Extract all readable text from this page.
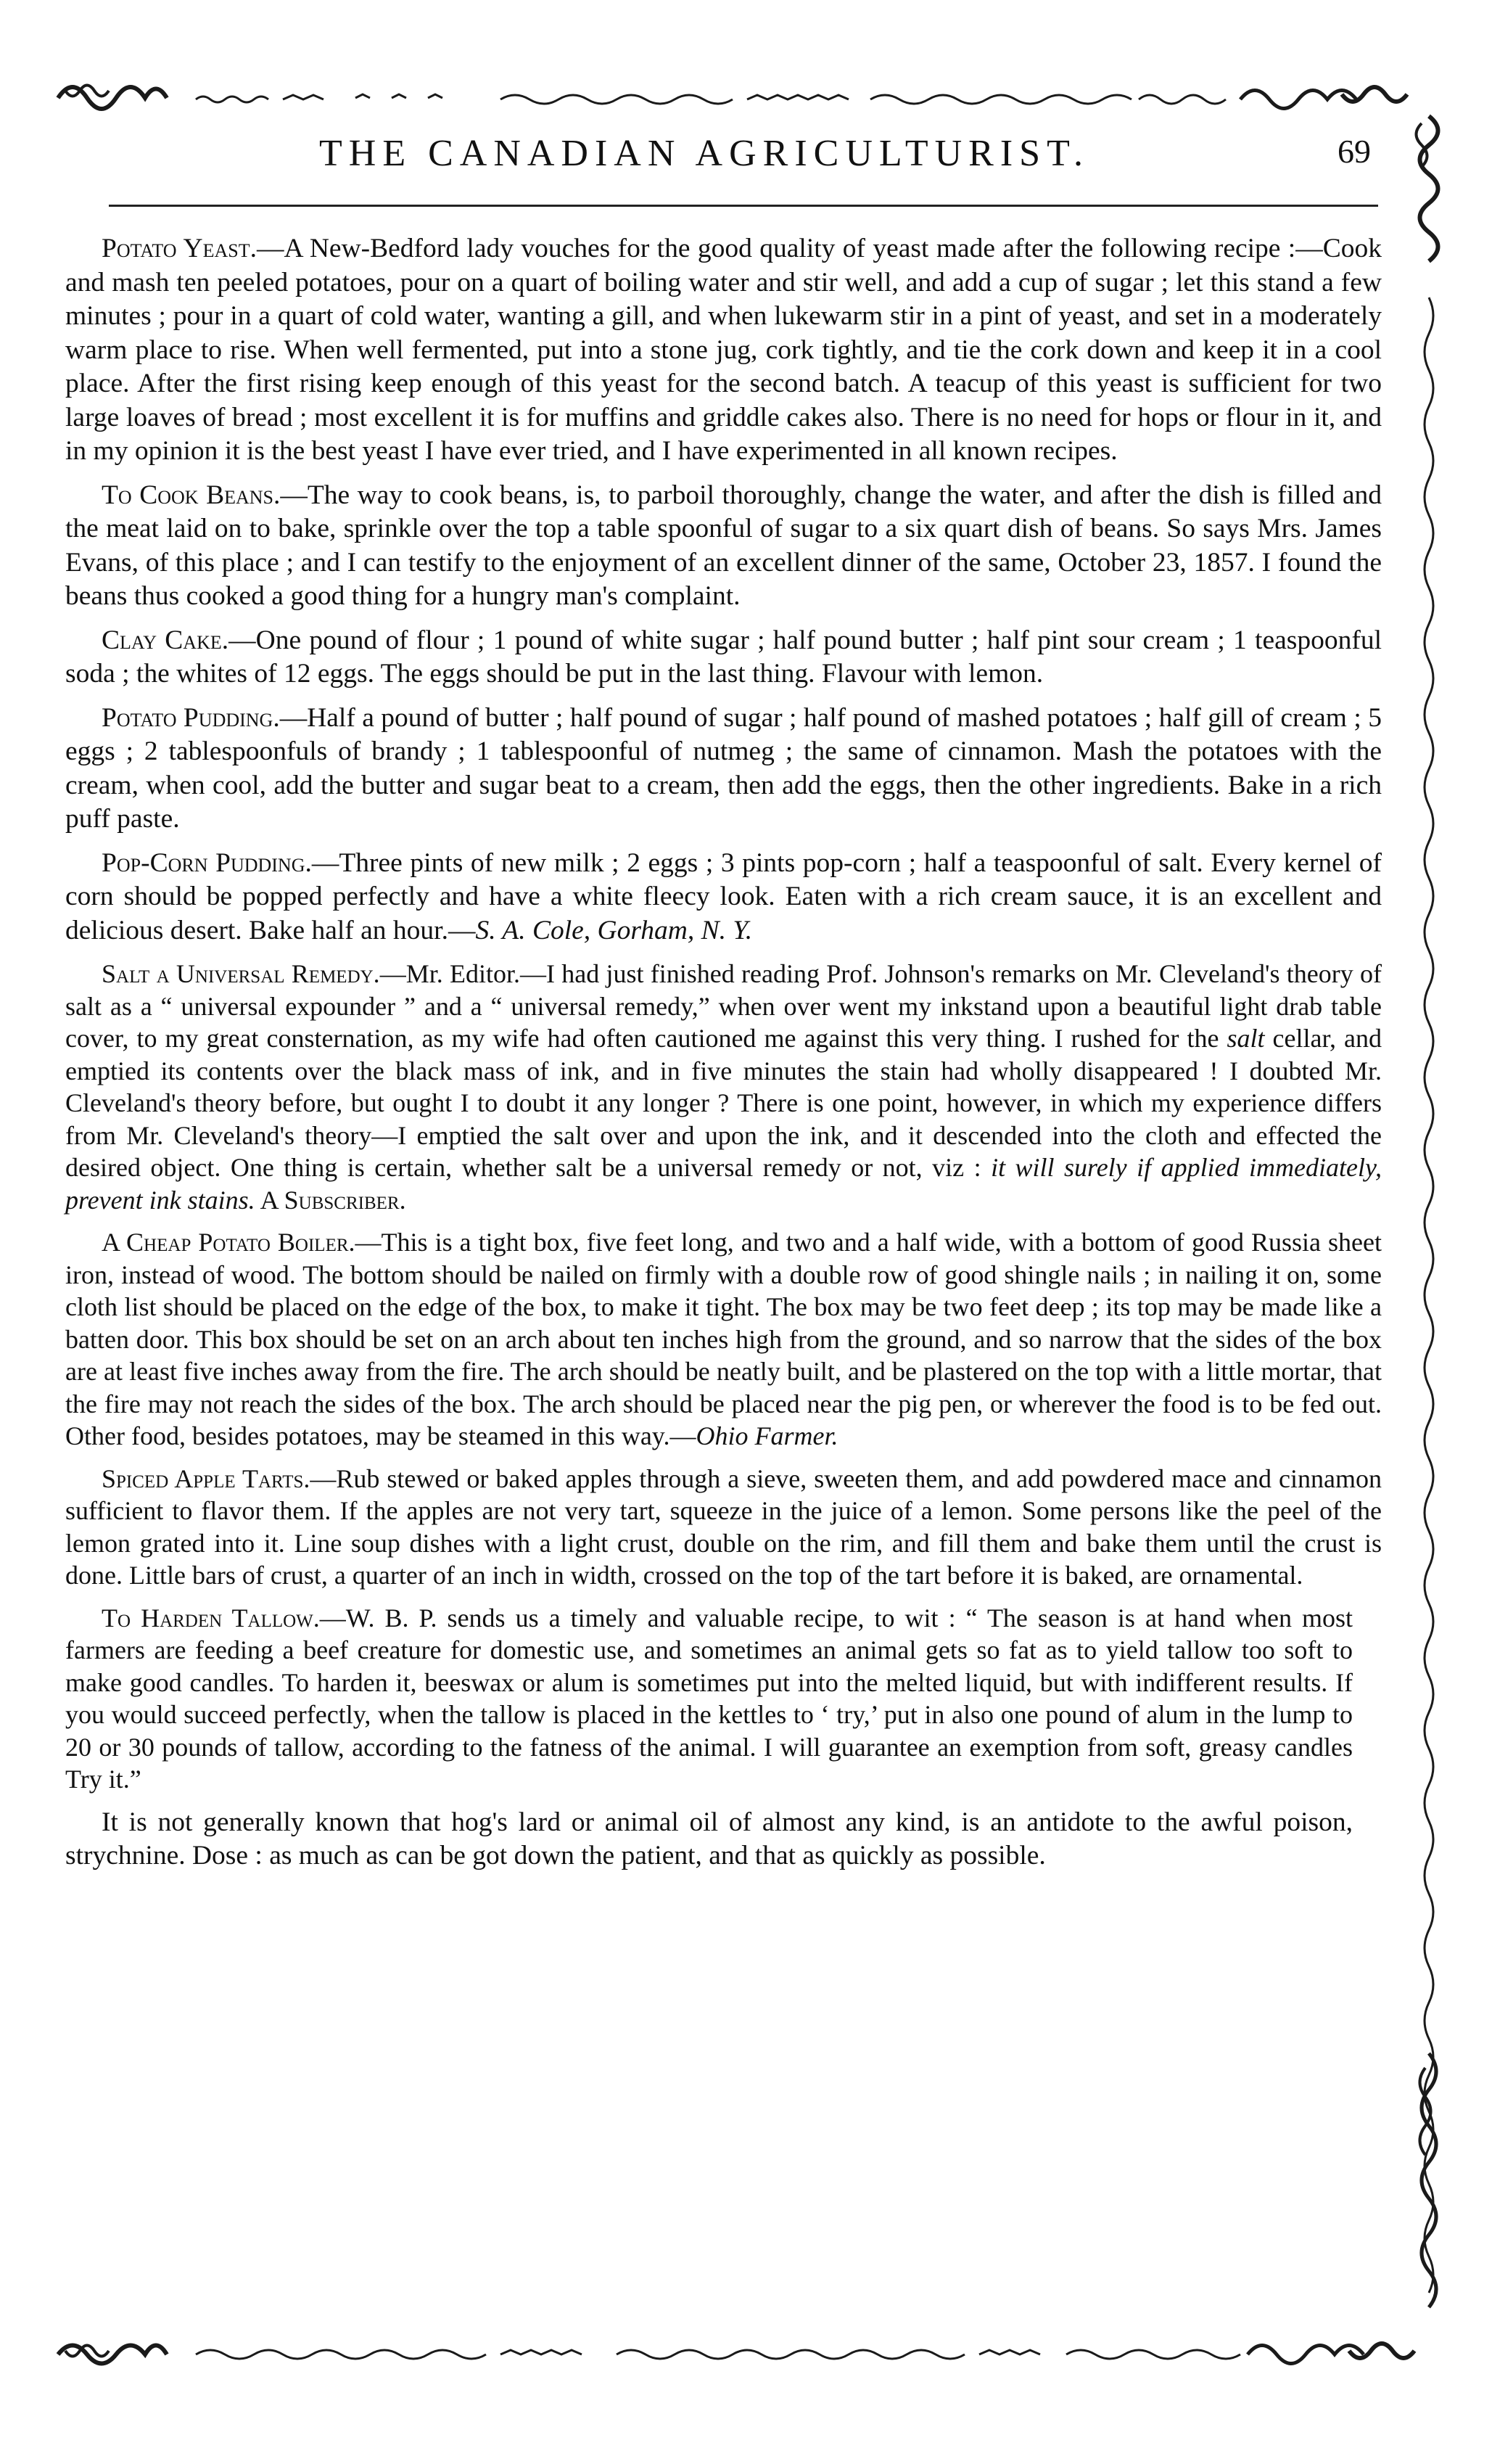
THE CANADIAN AGRICULTURIST.	69

Potato Yeast.—A New-Bedford lady vouches for the good quality of yeast made after the following recipe :—Cook and mash ten peeled potatoes, pour on a quart of boiling water and stir well, and add a cup of sugar ; let this stand a few minutes ; pour in a quart of cold water, wanting a gill, and when lukewarm stir in a pint of yeast, and set in a moderately warm place to rise. When well fermented, put into a stone jug, cork tightly, and tie the cork down and keep it in a cool place. After the first rising keep enough of this yeast for the second batch. A teacup of this yeast is sufficient for two large loaves of bread ; most excellent it is for muffins and griddle cakes also. There is no need for hops or flour in it, and in my opinion it is the best yeast I have ever tried, and I have experimented in all known recipes.

To Cook Beans.—The way to cook beans, is, to parboil thoroughly, change the water, and after the dish is filled and the meat laid on to bake, sprinkle over the top a table spoonful of sugar to a six quart dish of beans. So says Mrs. James Evans, of this place ; and I can testify to the enjoyment of an excellent dinner of the same, October 23, 1857. I found the beans thus cooked a good thing for a hungry man's complaint.

Clay Cake.—One pound of flour ; 1 pound of white sugar ; half pound butter ; half pint sour cream ; 1 teaspoonful soda ; the whites of 12 eggs. The eggs should be put in the last thing. Flavour with lemon.

Potato Pudding.—Half a pound of butter ; half pound of sugar ; half pound of mashed potatoes ; half gill of cream ; 5 eggs ; 2 tablespoonfuls of brandy ; 1 tablespoonful of nutmeg ; the same of cinnamon. Mash the potatoes with the cream, when cool, add the butter and sugar beat to a cream, then add the eggs, then the other ingredients. Bake in a rich puff paste.

Pop-Corn Pudding.—Three pints of new milk ; 2 eggs ; 3 pints pop-corn ; half a teaspoonful of salt. Every kernel of corn should be popped perfectly and have a white fleecy look. Eaten with a rich cream sauce, it is an excellent and delicious desert. Bake half an hour.—S. A. Cole, Gorham, N. Y.

Salt a Universal Remedy.—Mr. Editor.—I had just finished reading Prof. Johnson's remarks on Mr. Cleveland's theory of salt as a “ universal expounder ” and a “ universal remedy,” when over went my inkstand upon a beautiful light drab table cover, to my great consternation, as my wife had often cautioned me against this very thing. I rushed for the salt cellar, and emptied its contents over the black mass of ink, and in five minutes the stain had wholly disappeared ! I doubted Mr. Cleveland's theory before, but ought I to doubt it any longer ? There is one point, however, in which my experience differs from Mr. Cleveland's theory—I emptied the salt over and upon the ink, and it descended into the cloth and effected the desired object. One thing is certain, whether salt be a universal remedy or not, viz : it will surely if applied immediately, prevent ink stains. A Subscriber.

A Cheap Potato Boiler.—This is a tight box, five feet long, and two and a half wide, with a bottom of good Russia sheet iron, instead of wood. The bottom should be nailed on firmly with a double row of good shingle nails ; in nailing it on, some cloth list should be placed on the edge of the box, to make it tight. The box may be two feet deep ; its top may be made like a batten door. This box should be set on an arch about ten inches high from the ground, and so narrow that the sides of the box are at least five inches away from the fire. The arch should be neatly built, and be plastered on the top with a little mortar, that the fire may not reach the sides of the box. The arch should be placed near the pig pen, or wherever the food is to be fed out. Other food, besides potatoes, may be steamed in this way.—Ohio Farmer.

Spiced Apple Tarts.—Rub stewed or baked apples through a sieve, sweeten them, and add powdered mace and cinnamon sufficient to flavor them. If the apples are not very tart, squeeze in the juice of a lemon. Some persons like the peel of the lemon grated into it. Line soup dishes with a light crust, double on the rim, and fill them and bake them until the crust is done. Little bars of crust, a quarter of an inch in width, crossed on the top of the tart before it is baked, are ornamental.

To Harden Tallow.—W. B. P. sends us a timely and valuable recipe, to wit : “ The season is at hand when most farmers are feeding a beef creature for domestic use, and sometimes an animal gets so fat as to yield tallow too soft to make good candles. To harden it, beeswax or alum is sometimes put into the melted liquid, but with indifferent results. If you would succeed perfectly, when the tallow is placed in the kettles to ‘ try,’ put in also one pound of alum in the lump to 20 or 30 pounds of tallow, according to the fatness of the animal. I will guarantee an exemption from soft, greasy candles Try it.”

It is not generally known that hog's lard or animal oil of almost any kind, is an antidote to the awful poison, strychnine. Dose : as much as can be got down the patient, and that as quickly as possible.
